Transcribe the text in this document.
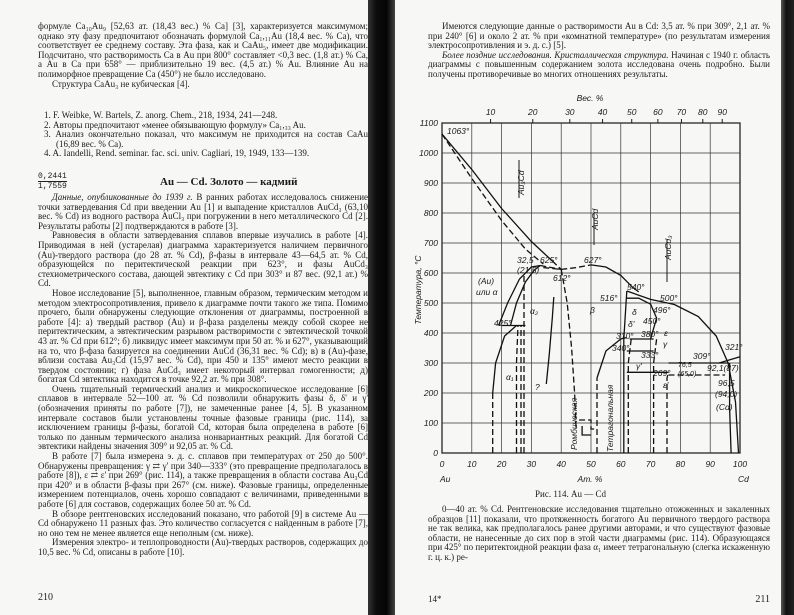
формуле Ca₁₀Au₉ [52,63 ат. (18,43 вес.) % Ca] [3], характеризуется максимумом; однако эту фазу предпочитают обозначать формулой Ca₁,₁₁Au (18,4 вес. % Ca), что соответствует ее среднему составу. Эта фаза, как и CaAu₅, имеет две модификации. Подсчитано, что растворимость Ca в Au при 800° составляет <0,3 вес. (1,8 ат.) % Ca, а Au в Ca при 658° — приблизительно 19 вес. (4,5 ат.) % Au. Влияние Au на полиморфное превращение Ca (450°) не было исследовано.

Структура CaAu₃ не кубическая [4].

1. F. Weibke, W. Bartels, Z. anorg. Chem., 218, 1934, 241—248.

2. Авторы предпочитают «менее обязывающую формулу» Ca₁,₃₃ Au.

3. Анализ окончательно показал, что максимум не приходится на состав CaAu (16,89 вес. % Ca).

4. A. Iandelli, Rend. seminar. fac. sci. univ. Cagliari, 19, 1949, 133—139.

$\frac{0,2441}{1,7559}$	Au — Cd. Золото — кадмий

Данные, опубликованные до 1939 г. В ранних работах исследовалось снижение точки затвердевания Cd при введении Au [1] и выпадение кристаллов AuCd₃ (63,10 вес. % Cd) из водного раствора AuCl₃ при погружении в него металлического Cd [2]. Результаты работы [2] подтверждаются в работе [3].

Равновесия в области затвердевания сплавов впервые изучались в работе [4]. Приводимая в ней (устарелая) диаграмма характеризуется наличием первичного (Au)-твердого раствора (до 28 ат. % Cd), β-фазы в интервале 43—64,5 ат. % Cd, образующейся по перитектической реакции при 623°, и фазы AuCd₃ стехиометрического состава, дающей эвтектику с Cd при 303° и 87 вес. (92,1 ат.) % Cd.

Новое исследование [5], выполненное, главным образом, термическим методом и методом электросопротивления, привело к диаграмме почти такого же типа. Помимо прочего, были обнаружены следующие отклонения от диаграммы, построенной в работе [4]: а) твердый раствор (Au) и β-фаза разделены между собой скорее не перитектическим, а эвтектическим разрывом растворимости с эвтектической точкой 43 ат. % Cd при 612°; б) ликвидус имеет максимум при 50 ат. % и 627°, указывающий на то, что β-фаза базируется на соединении AuCd (36,31 вес. % Cd); в) в (Au)-фазе, вблизи состава Au₃Cd (15,97 вес. % Cd), при 450 и 135° имеют место реакции в твердом состоянии; г) фаза AuCd₃ имеет некоторый интервал гомогенности; д) богатая Cd эвтектика находится в точке 92,2 ат. % при 308°.

Очень тщательный термический анализ и микроскопическое исследование [6] сплавов в интервале 52—100 ат. % Cd позволили обнаружить фазы δ, δ' и γ' (обозначения приняты по работе [7]), не замеченные ранее [4, 5]. В указанном интервале составов были установлены точные фазовые границы (рис. 114), за исключением границы β-фазы, богатой Cd, которая была определена в работе [6] только по данным термического анализа нонвариантных реакций. Для богатой Cd эвтектики найдены значения 309° и 92,05 ат. % Cd.

В работе [7] была измерена э. д. с. сплавов при температурах от 250 до 500°. Обнаружены превращения: γ ⇄ γ' при 340—333° (это превращение предполагалось в работе [8]), ε ⇄ ε' при 269° (рис. 114), а также превращения в области состава Au₃Cd при 420° и в области β-фазы при 267° (см. ниже). Фазовые границы, определенные измерением потенциалов, очень хорошо совпадают с величинами, приведенными в работе [6] для составов, содержащих более 50 ат. % Cd.

В обзоре рентгеновских исследований показано, что работой [9] в системе Au — Cd обнаружено 11 разных фаз. Это количество согласуется с найденным в работе [7], но оно тем не менее является еще неполным (см. ниже).

Измерения электро- и теплопроводности (Au)-твердых растворов, содержащих до 10,5 вес. % Cd, описаны в работе [10].

210

Имеются следующие данные о растворимости Au в Cd: 3,5 ат. % при 309°, 2,1 ат. % при 240° [6] и около 2 ат. % при «комнатной температуре» (по результатам измерения электросопротивления и э. д. с.) [5].

Более поздние исследования. Кристаллическая структура. Начиная с 1940 г. область диаграммы с повышенным содержанием золота исследована очень подробно. Были получены противоречивые во многих отношениях результаты.

0	10 20 30 40 50 60 70 80 90 100
0
100
200
300
400
500
600
700
800
900
1000
1100
10	20	30	40 50 60 70 80 90
Вес. %
Ат. %
Au	Cd
Температура, °C
1063°
32,5
(21,5)
625°
612°
627°
540°
500°
516°
496°
450°
380°
310°
340°
333°	309°
321°
269°
425°
92,1(87)
96,5
(94,0)
76,5
(65,0)
(Au)
или α
α₂
α₁
β	δ
δ'
γ
γ'
ε
ε'
?
(Cd)
Ромбическая	Тетрагональная
Au₃Cd
AuCd
AuCd₃
Рис. 114. Au — Cd

0—40 ат. % Cd. Рентгеновские исследования тщательно отожженных и закаленных образцов [11] показали, что протяженность богатого Au первичного твердого раствора не так велика, как предполагалось ранее другими авторами, и что существуют фазовые области, не нанесенные до сих пор в этой части диаграммы (рис. 114). Образующаяся при 425° по перитектоидной реакции фаза α₁ имеет тетрагональную (слегка искаженную г. ц. к.) ре-

14*	211
